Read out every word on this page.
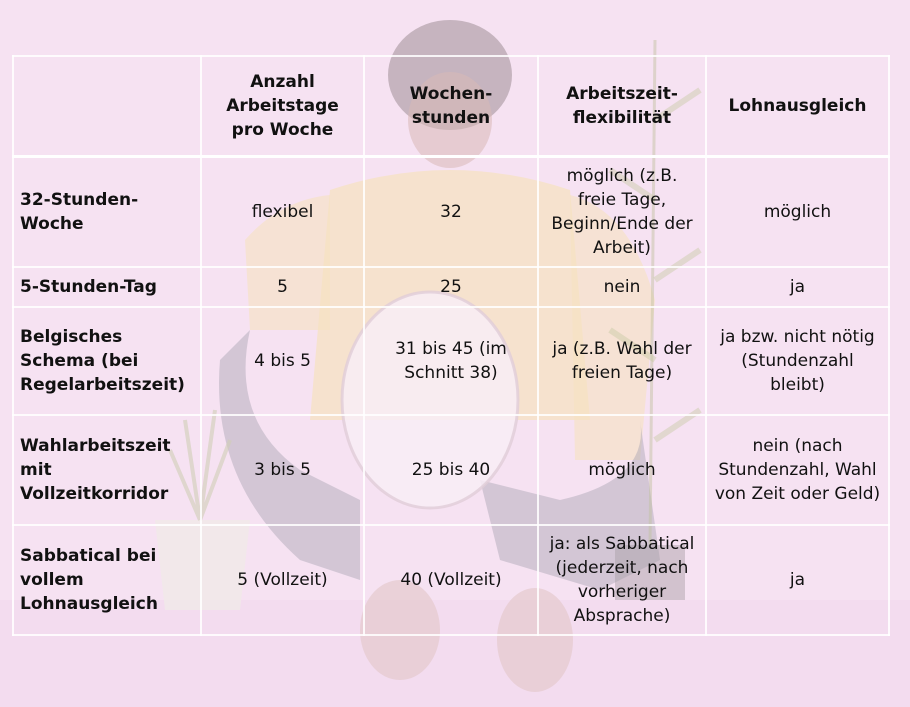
	Anzahl Arbeitstage pro Woche	Wochen-stunden	Arbeitszeit-flexibilität	Lohnausgleich
32-Stunden-Woche	flexibel	32	möglich (z.B. freie Tage, Beginn/Ende der Arbeit)	möglich
5-Stunden-Tag	5	25	nein	ja
Belgisches Schema (bei Regelarbeitszeit)	4 bis 5	31 bis 45 (im Schnitt 38)	ja (z.B. Wahl der freien Tage)	ja bzw. nicht nötig (Stundenzahl bleibt)
Wahlarbeitszeit mit Vollzeitkorridor	3 bis 5	25 bis 40	möglich	nein (nach Stundenzahl, Wahl von Zeit oder Geld)
Sabbatical bei vollem Lohnausgleich	5 (Vollzeit)	40 (Vollzeit)	ja: als Sabbatical (jederzeit, nach vorheriger Absprache)	ja
